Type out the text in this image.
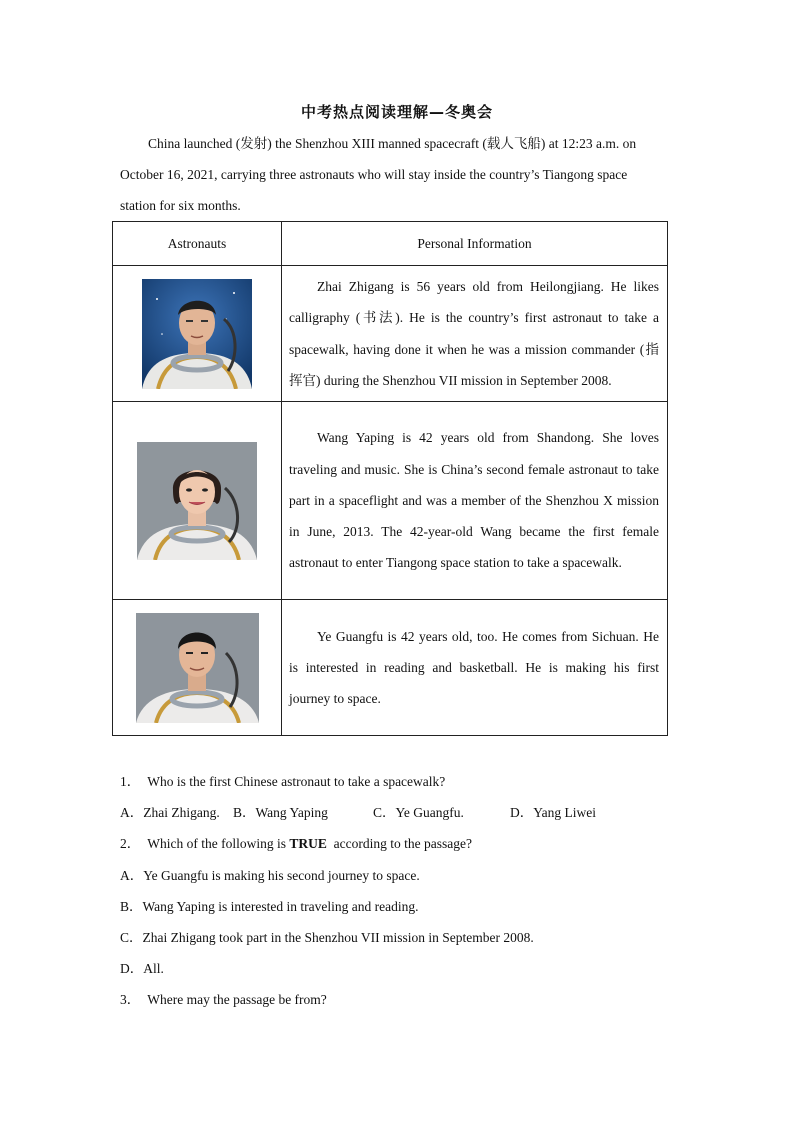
中考热点阅读理解—冬奥会

China launched (发射) the Shenzhou XIII manned spacecraft (载人飞船) at 12:23 a.m. on October 16, 2021, carrying three astronauts who will stay inside the country’s Tiangong space station for six months.

Astronauts	Personal Information

	Zhai Zhigang is 56 years old from Heilongjiang. He likes calligraphy (书法). He is the country’s first astronaut to take a spacewalk, having done it when he was a mission commander (指挥官) during the Shenzhou VII mission in September 2008.

	Wang Yaping is 42 years old from Shandong. She loves traveling and music. She is China’s second female astronaut to take part in a spaceflight and was a member of the Shenzhou X mission in June, 2013. The 42-year-old Wang became the first female astronaut to enter Tiangong space station to take a spacewalk.

	Ye Guangfu is 42 years old, too. He comes from Sichuan. He is interested in reading and basketball. He is making his first journey to space.
1． Who is the first Chinese astronaut to take a spacewalk?
A．Zhai Zhigang. B．Wang Yaping	C．Ye Guangfu.	D．Yang Liwei
2． Which of the following is TRUE  according to the passage?
A．Ye Guangfu is making his second journey to space.
B．Wang Yaping is interested in traveling and reading.
C．Zhai Zhigang took part in the Shenzhou VII mission in September 2008.
D．All.
3． Where may the passage be from?
